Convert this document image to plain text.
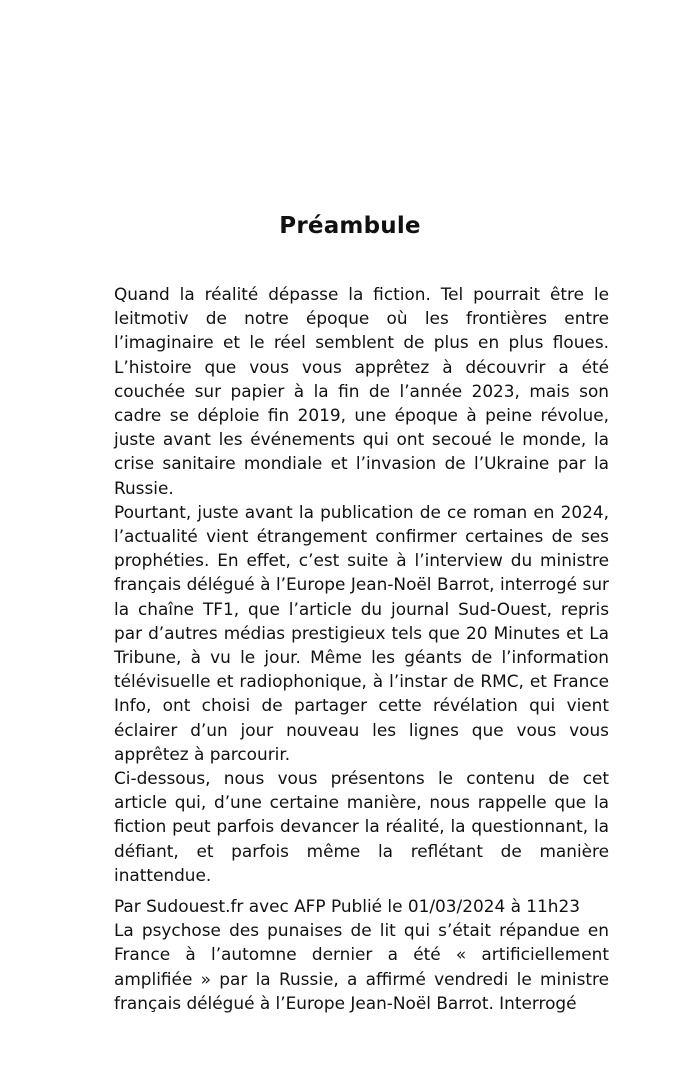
Préambule

Quand la réalité dépasse la fiction. Tel pourrait être le leitmotiv de notre époque où les frontières entre l’imaginaire et le réel semblent de plus en plus floues. L’histoire que vous vous apprêtez à découvrir a été couchée sur papier à la fin de l’année 2023, mais son cadre se déploie fin 2019, une époque à peine révolue, juste avant les événements qui ont secoué le monde, la crise sanitaire mondiale et l’invasion de l’Ukraine par la Russie.

Pourtant, juste avant la publication de ce roman en 2024, l’actualité vient étrangement confirmer certaines de ses prophéties. En effet, c’est suite à l’interview du ministre français délégué à l’Europe Jean-Noël Barrot, interrogé sur la chaîne TF1, que l’article du journal Sud-Ouest, repris par d’autres médias prestigieux tels que 20 Minutes et La Tribune, à vu le jour. Même les géants de l’information télévisuelle et radiophonique, à l’instar de RMC, et France Info, ont choisi de partager cette révélation qui vient éclairer d’un jour nouveau les lignes que vous vous apprêtez à parcourir.

Ci-dessous, nous vous présentons le contenu de cet article qui, d’une certaine manière, nous rappelle que la fiction peut parfois devancer la réalité, la questionnant, la défiant, et parfois même la reflétant de manière inattendue.

Par Sudouest.fr avec AFP Publié le 01/03/2024 à 11h23

La psychose des punaises de lit qui s’était répandue en France à l’automne dernier a été « artificiellement amplifiée » par la Russie, a affirmé vendredi le ministre français délégué à l’Europe Jean-Noël Barrot. Interrogé
